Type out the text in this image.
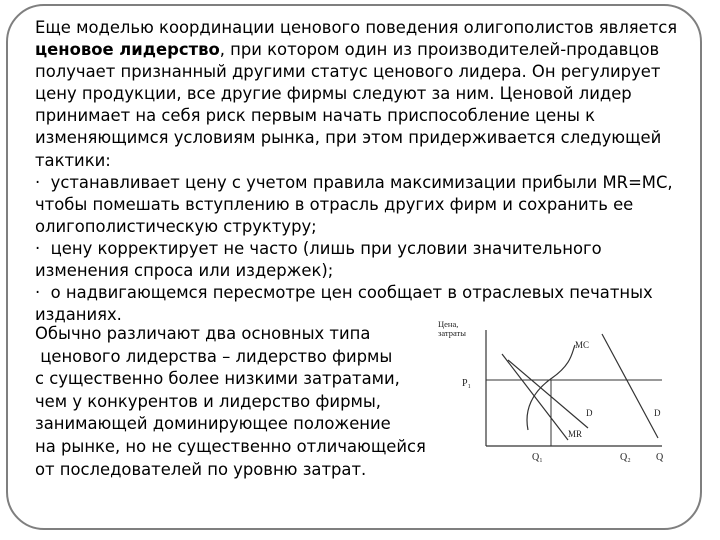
Еще моделью координации ценового поведения олигополистов является ценовое лидерство, при котором один из производителей-продавцов получает признанный другими статус ценового лидера. Он регулирует цену продукции, все другие фирмы следуют за ним. Ценовой лидер принимает на себя риск первым начать приспособление цены к изменяющимся условиям рынка, при этом придерживается следующей тактики:

· устанавливает цену с учетом правила максимизации прибыли MR=MC, чтобы помешать вступлению в отрасль других фирм и сохранить ее олигополистическую структуру;

· цену корректирует не часто (лишь при условии значительного изменения спроса или издержек);

· о надвигающемся пересмотре цен сообщает в отраслевых печатных изданиях.

Обычно различают два основных типа

ценового лидерства – лидерство фирмы

с существенно более низкими затратами,

чем у конкурентов и лидерство фирмы,

занимающей доминирующее положение

на рынке, но не существенно отличающейся

от последователей по уровню затрат.

Цена,
затраты
Q
P₁
Q₁	Q₂
MC
D
D
MR
